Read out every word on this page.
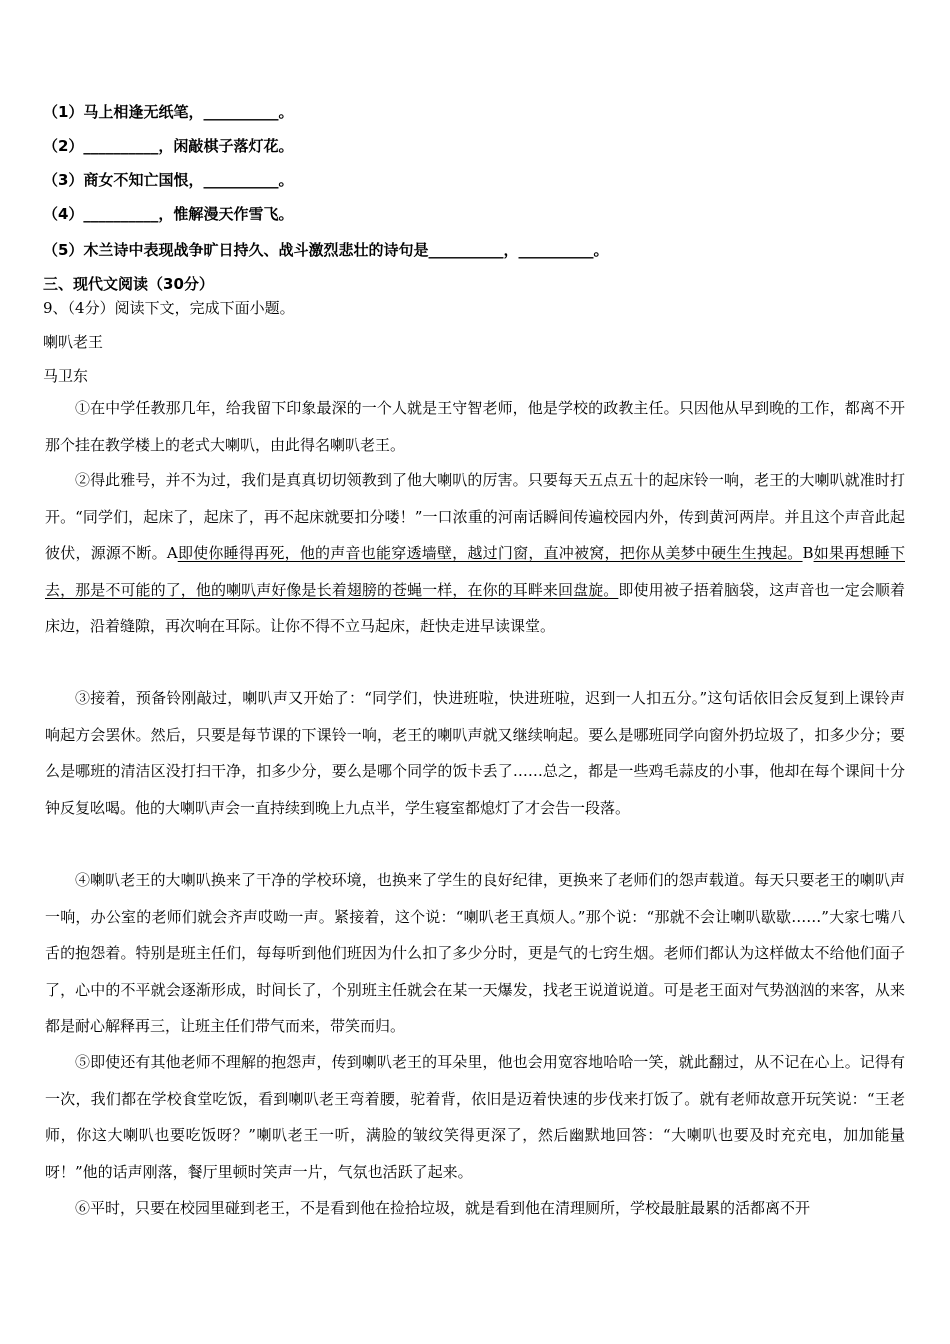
（1）马上相逢无纸笔，__________。
（2）__________，闲敲棋子落灯花。
（3）商女不知亡国恨，__________。
（4）__________，惟解漫天作雪飞。
（5）木兰诗中表现战争旷日持久、战斗激烈悲壮的诗句是__________，__________。
三、现代文阅读（30分）
9、（4分）阅读下文，完成下面小题。
喇叭老王
马卫东
①在中学任教那几年，给我留下印象最深的一个人就是王守智老师，他是学校的政教主任。只因他从早到晚的工作，都离不开那个挂在教学楼上的老式大喇叭，由此得名喇叭老王。
②得此雅号，并不为过，我们是真真切切领教到了他大喇叭的厉害。只要每天五点五十的起床铃一响，老王的大喇叭就准时打开。“同学们，起床了，起床了，再不起床就要扣分喽！”一口浓重的河南话瞬间传遍校园内外，传到黄河两岸。并且这个声音此起彼伏，源源不断。A即使你睡得再死，他的声音也能穿透墙壁，越过门窗，直冲被窝，把你从美梦中硬生生拽起。B如果再想睡下去，那是不可能的了，他的喇叭声好像是长着翅膀的苍蝇一样，在你的耳畔来回盘旋。即使用被子捂着脑袋，这声音也一定会顺着床边，沿着缝隙，再次响在耳际。让你不得不立马起床，赶快走进早读课堂。
③接着，预备铃刚敲过，喇叭声又开始了：“同学们，快进班啦，快进班啦，迟到一人扣五分。”这句话依旧会反复到上课铃声响起方会罢休。然后，只要是每节课的下课铃一响，老王的喇叭声就又继续响起。要么是哪班同学向窗外扔垃圾了，扣多少分；要么是哪班的清洁区没打扫干净，扣多少分，要么是哪个同学的饭卡丢了……总之，都是一些鸡毛蒜皮的小事，他却在每个课间十分钟反复吆喝。他的大喇叭声会一直持续到晚上九点半，学生寝室都熄灯了才会告一段落。
④喇叭老王的大喇叭换来了干净的学校环境，也换来了学生的良好纪律，更换来了老师们的怨声载道。每天只要老王的喇叭声一响，办公室的老师们就会齐声哎呦一声。紧接着，这个说：“喇叭老王真烦人。”那个说：“那就不会让喇叭歇歇……”大家七嘴八舌的抱怨着。特别是班主任们，每每听到他们班因为什么扣了多少分时，更是气的七窍生烟。老师们都认为这样做太不给他们面子了，心中的不平就会逐渐形成，时间长了，个别班主任就会在某一天爆发，找老王说道说道。可是老王面对气势汹汹的来客，从来都是耐心解释再三，让班主任们带气而来，带笑而归。
⑤即使还有其他老师不理解的抱怨声，传到喇叭老王的耳朵里，他也会用宽容地哈哈一笑，就此翻过，从不记在心上。记得有一次，我们都在学校食堂吃饭，看到喇叭老王弯着腰，驼着背，依旧是迈着快速的步伐来打饭了。就有老师故意开玩笑说：“王老师，你这大喇叭也要吃饭呀？”喇叭老王一听，满脸的皱纹笑得更深了，然后幽默地回答：“大喇叭也要及时充充电，加加能量呀！”他的话声刚落，餐厅里顿时笑声一片，气氛也活跃了起来。
⑥平时，只要在校园里碰到老王，不是看到他在捡拾垃圾，就是看到他在清理厕所，学校最脏最累的活都离不开
